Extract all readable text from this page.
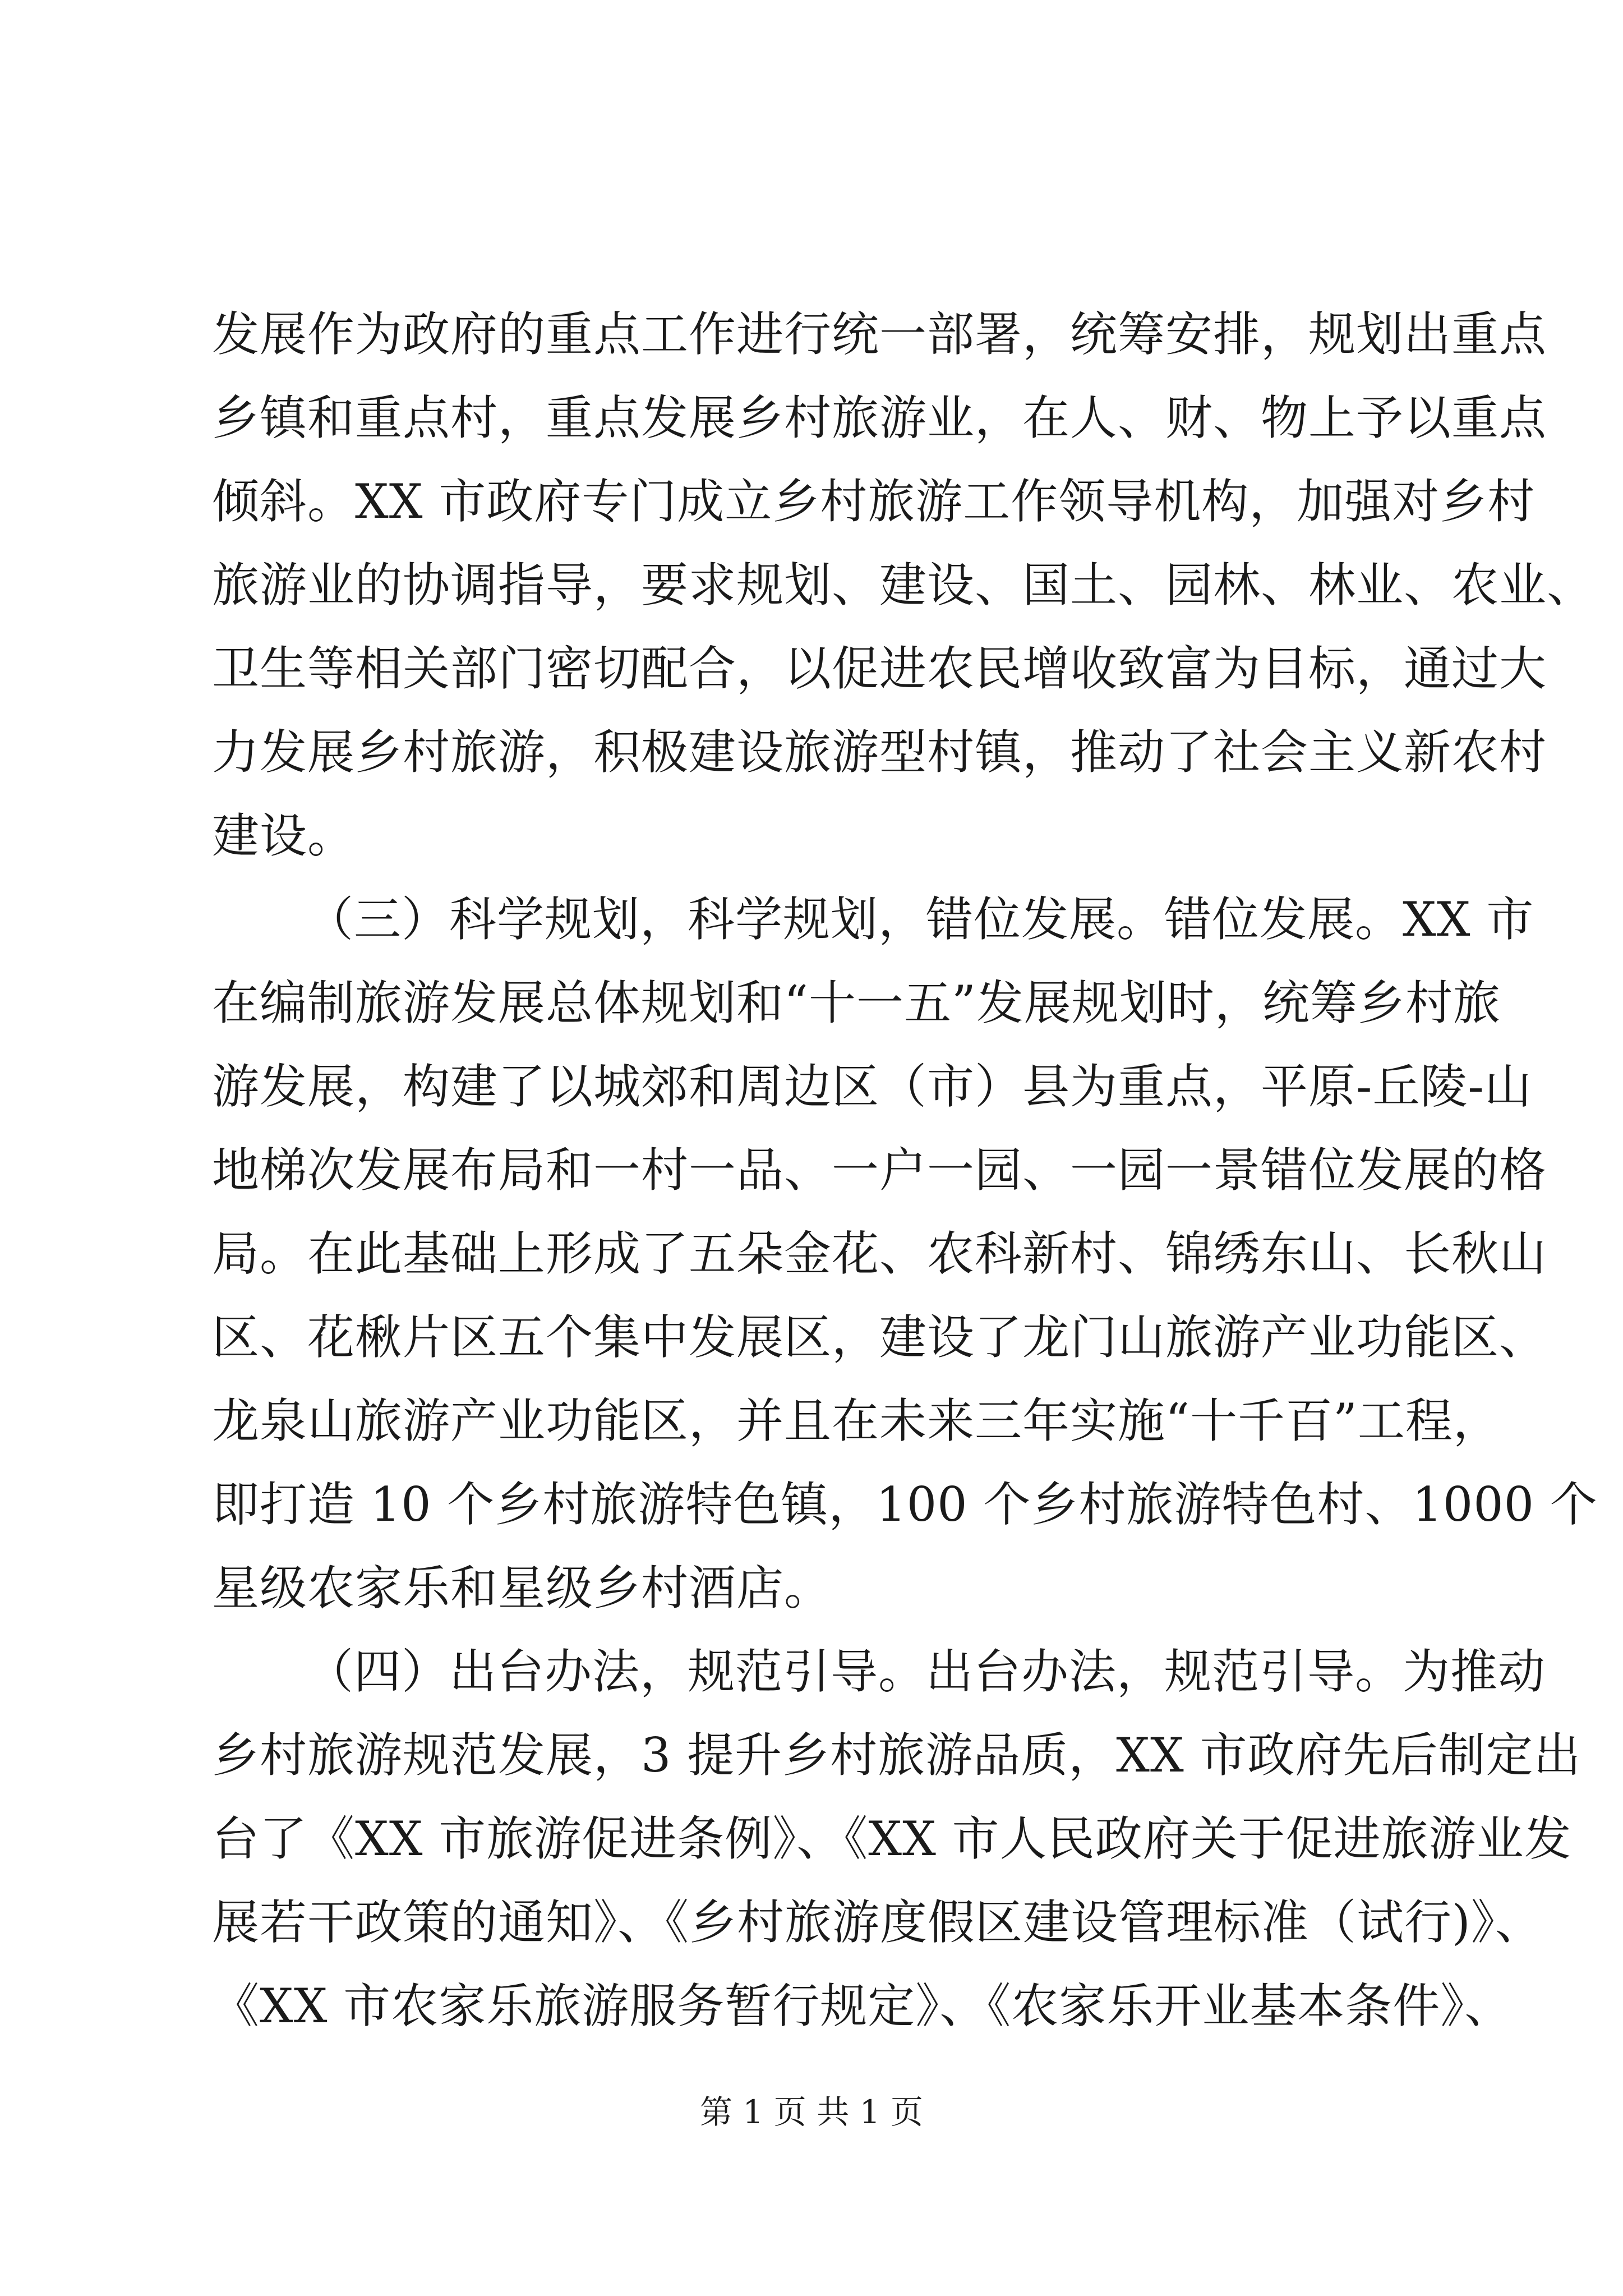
发展作为政府的重点工作进行统一部署，统筹安排，规划出重点
乡镇和重点村，重点发展乡村旅游业，在人、财、物上予以重点
倾斜。XX 市政府专门成立乡村旅游工作领导机构，加强对乡村
旅游业的协调指导，要求规划、建设、国土、园林、林业、农业、
卫生等相关部门密切配合，以促进农民增收致富为目标，通过大
力发展乡村旅游，积极建设旅游型村镇，推动了社会主义新农村
建设。
（三）科学规划，科学规划，错位发展。错位发展。XX 市
在编制旅游发展总体规划和“十一五”发展规划时，统筹乡村旅
游发展，构建了以城郊和周边区（市）县为重点，平原-丘陵-山
地梯次发展布局和一村一品、一户一园、一园一景错位发展的格
局。在此基础上形成了五朵金花、农科新村、锦绣东山、长秋山
区、花楸片区五个集中发展区，建设了龙门山旅游产业功能区、
龙泉山旅游产业功能区，并且在未来三年实施“十千百”工程，
即打造 10 个乡村旅游特色镇，100 个乡村旅游特色村、1000 个
星级农家乐和星级乡村酒店。
（四）出台办法，规范引导。出台办法，规范引导。为推动
乡村旅游规范发展，3 提升乡村旅游品质，XX 市政府先后制定出
台了《XX 市旅游促进条例》、《XX 市人民政府关于促进旅游业发
展若干政策的通知》、《乡村旅游度假区建设管理标准（试行)》、
《XX 市农家乐旅游服务暂行规定》、《农家乐开业基本条件》、
第 1 页 共 1 页
